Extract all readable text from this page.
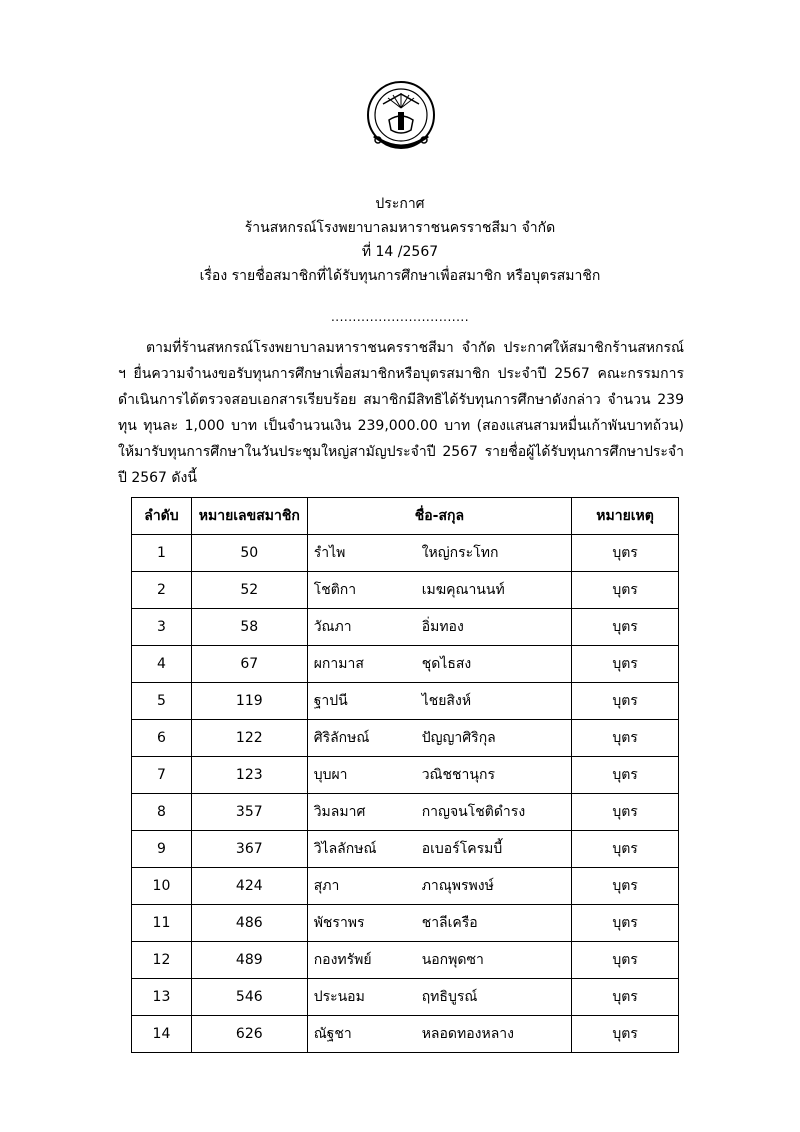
ประกาศ
ร้านสหกรณ์โรงพยาบาลมหาราชนครราชสีมา จำกัด
ที่ 14 /2567
เรื่อง รายชื่อสมาชิกที่ได้รับทุนการศึกษาเพื่อสมาชิก หรือบุตรสมาชิก
................................
ตามที่ร้านสหกรณ์โรงพยาบาลมหาราชนครราชสีมา จำกัด ประกาศให้สมาชิกร้านสหกรณ์ ฯ ยื่นความจำนงขอรับทุนการศึกษาเพื่อสมาชิกหรือบุตรสมาชิก ประจำปี 2567 คณะกรรมการดำเนินการได้ตรวจสอบเอกสารเรียบร้อย สมาชิกมีสิทธิได้รับทุนการศึกษาดังกล่าว จำนวน 239 ทุน ทุนละ 1,000 บาท เป็นจำนวนเงิน 239,000.00 บาท (สองแสนสามหมื่นเก้าพันบาทถ้วน) ให้มารับทุนการศึกษาในวันประชุมใหญ่สามัญประจำปี 2567 รายชื่อผู้ได้รับทุนการศึกษาประจำปี 2567 ดังนี้
ลำดับ	หมายเลขสมาชิก	ชื่อ-สกุล	หมายเหตุ
1	50	รำไพ ใหญ่กระโทก	บุตร
2	52	โชติกา เมฆคุณานนท์	บุตร
3	58	วัณภา อิ่มทอง	บุตร
4	67	ผกามาส ชุดไธสง	บุตร
5	119	ฐาปนี ไชยสิงห์	บุตร
6	122	ศิริลักษณ์ ปัญญาศิริกุล	บุตร
7	123	บุบผา วณิชชานุกร	บุตร
8	357	วิมลมาศ กาญจนโชติดำรง	บุตร
9	367	วิไลลักษณ์ อเบอร์โครมบี้	บุตร
10	424	สุภา ภาณุพรพงษ์	บุตร
11	486	พัชราพร ชาลีเครือ	บุตร
12	489	กองทรัพย์ นอกพุดซา	บุตร
13	546	ประนอม ฤทธิบูรณ์	บุตร
14	626	ณัฐชา หลอดทองหลาง	บุตร
